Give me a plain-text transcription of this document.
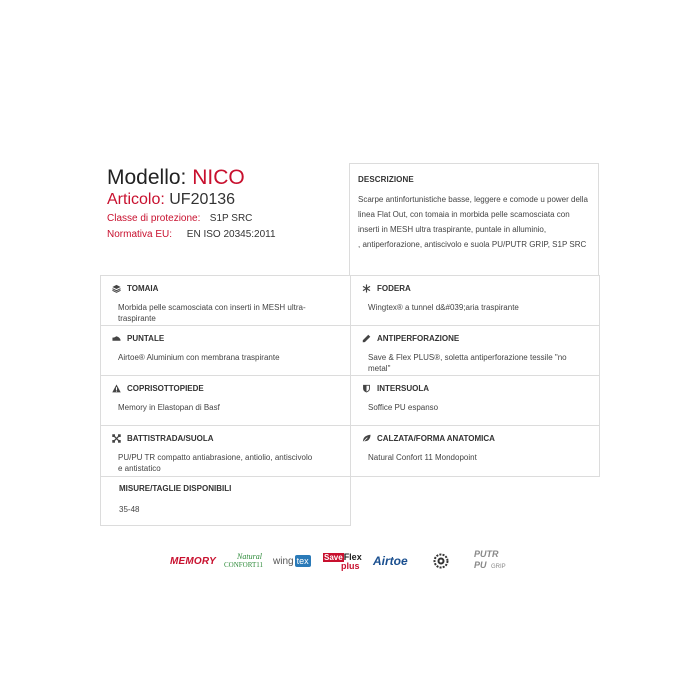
Modello: NICO
Articolo: UF20136
Classe di protezione: S1P SRC
Normativa EU: EN ISO 20345:2011
DESCRIZIONE
Scarpe antinfortunistiche basse, leggere e comode u power della
linea Flat Out, con tomaia in morbida pelle scamosciata con
inserti in MESH ultra traspirante, puntale in alluminio,
, antiperforazione, antiscivolo e suola PU/PUTR GRIP, S1P SRC
TOMAIA
Morbida pelle scamosciata con inserti in MESH ultra-traspirante
FODERA
Wingtex® a tunnel d&#039;aria traspirante
PUNTALE
Airtoe® Aluminium con membrana traspirante
ANTIPERFORAZIONE
Save & Flex PLUS®, soletta antiperforazione tessile "no metal"
COPRISOTTOPIEDE
Memory in Elastopan di Basf
INTERSUOLA
Soffice PU espanso
BATTISTRADA/SUOLA
PU/PU TR compatto antiabrasione, antiolio, antiscivolo e antistatico
CALZATA/FORMA ANATOMICA
Natural Confort 11 Mondopoint
MISURE/TAGLIE DISPONIBILI
35-48
MEMORY	Natural
CONFORT11 wing tex SaveFlex
plus Airtoe	PUTR
PU GRIP
